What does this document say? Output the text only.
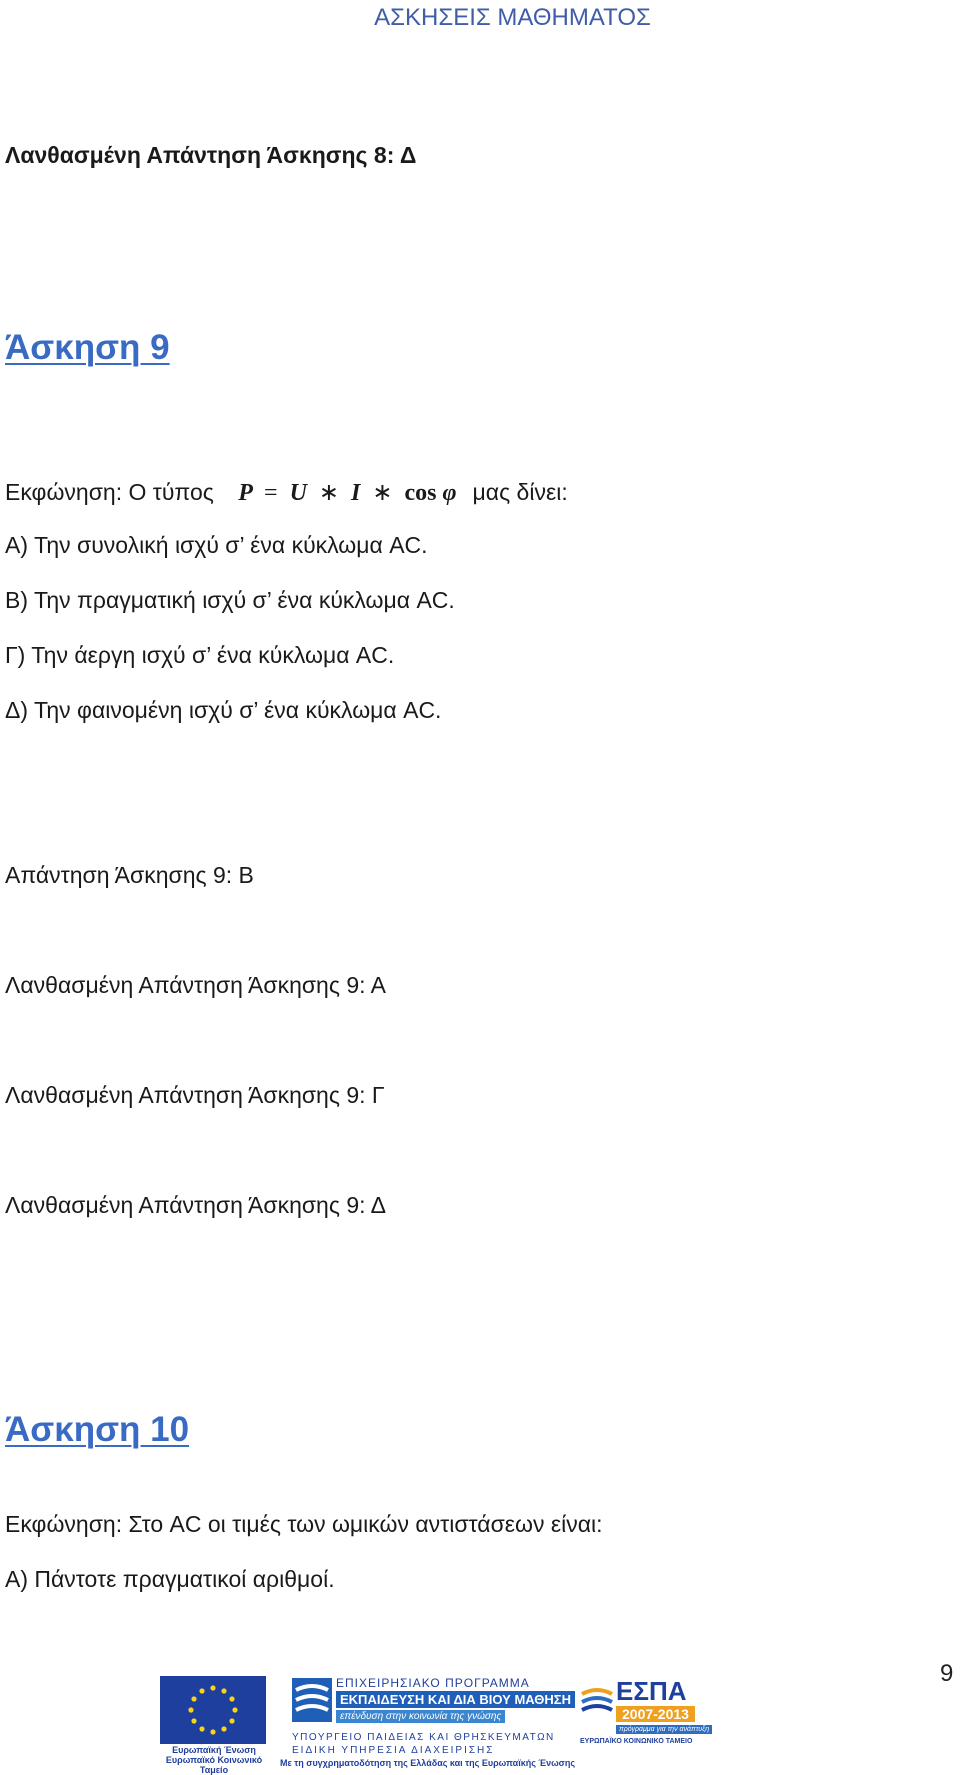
ΑΣΚΗΣΕΙΣ ΜΑΘΗΜΑΤΟΣ
Λανθασμένη Απάντηση Άσκησης 8: Δ
Άσκηση 9
Εκφώνηση: Ο τύπος P = U ∗ I ∗ cos φ μας δίνει:
Α) Την συνολική ισχύ σ’ ένα κύκλωμα AC.
Β) Την πραγματική ισχύ σ’ ένα κύκλωμα AC.
Γ) Την άεργη ισχύ σ’ ένα κύκλωμα AC.
Δ) Την φαινομένη ισχύ σ’ ένα κύκλωμα AC.
Απάντηση Άσκησης 9: Β
Λανθασμένη Απάντηση Άσκησης 9: Α
Λανθασμένη Απάντηση Άσκησης 9: Γ
Λανθασμένη Απάντηση Άσκησης 9: Δ
Άσκηση 10
Εκφώνηση: Στο AC οι τιμές των ωμικών αντιστάσεων είναι:
Α) Πάντοτε πραγματικοί αριθμοί.
9
Ευρωπαϊκή Ένωση Ευρωπαϊκό Κοινωνικό Ταμείο
ΕΠΙΧΕΙΡΗΣΙΑΚΟ ΠΡΟΓΡΑΜΜΑ
ΕΚΠΑΙΔΕΥΣΗ ΚΑΙ ΔΙΑ ΒΙΟΥ ΜΑΘΗΣΗ
επένδυση στην κοινωνία της γνώσης
ΥΠΟΥΡΓΕΙΟ ΠΑΙΔΕΙΑΣ ΚΑΙ ΘΡΗΣΚΕΥΜΑΤΩΝ
ΕΙΔΙΚΗ ΥΠΗΡΕΣΙΑ ΔΙΑΧΕΙΡΙΣΗΣ
Με τη συγχρηματοδότηση της Ελλάδας και της Ευρωπαϊκής Ένωσης
ΕΣΠΑ
2007-2013
πρόγραμμα για την ανάπτυξη
ΕΥΡΩΠΑΪΚΟ ΚΟΙΝΩΝΙΚΟ ΤΑΜΕΙΟ
